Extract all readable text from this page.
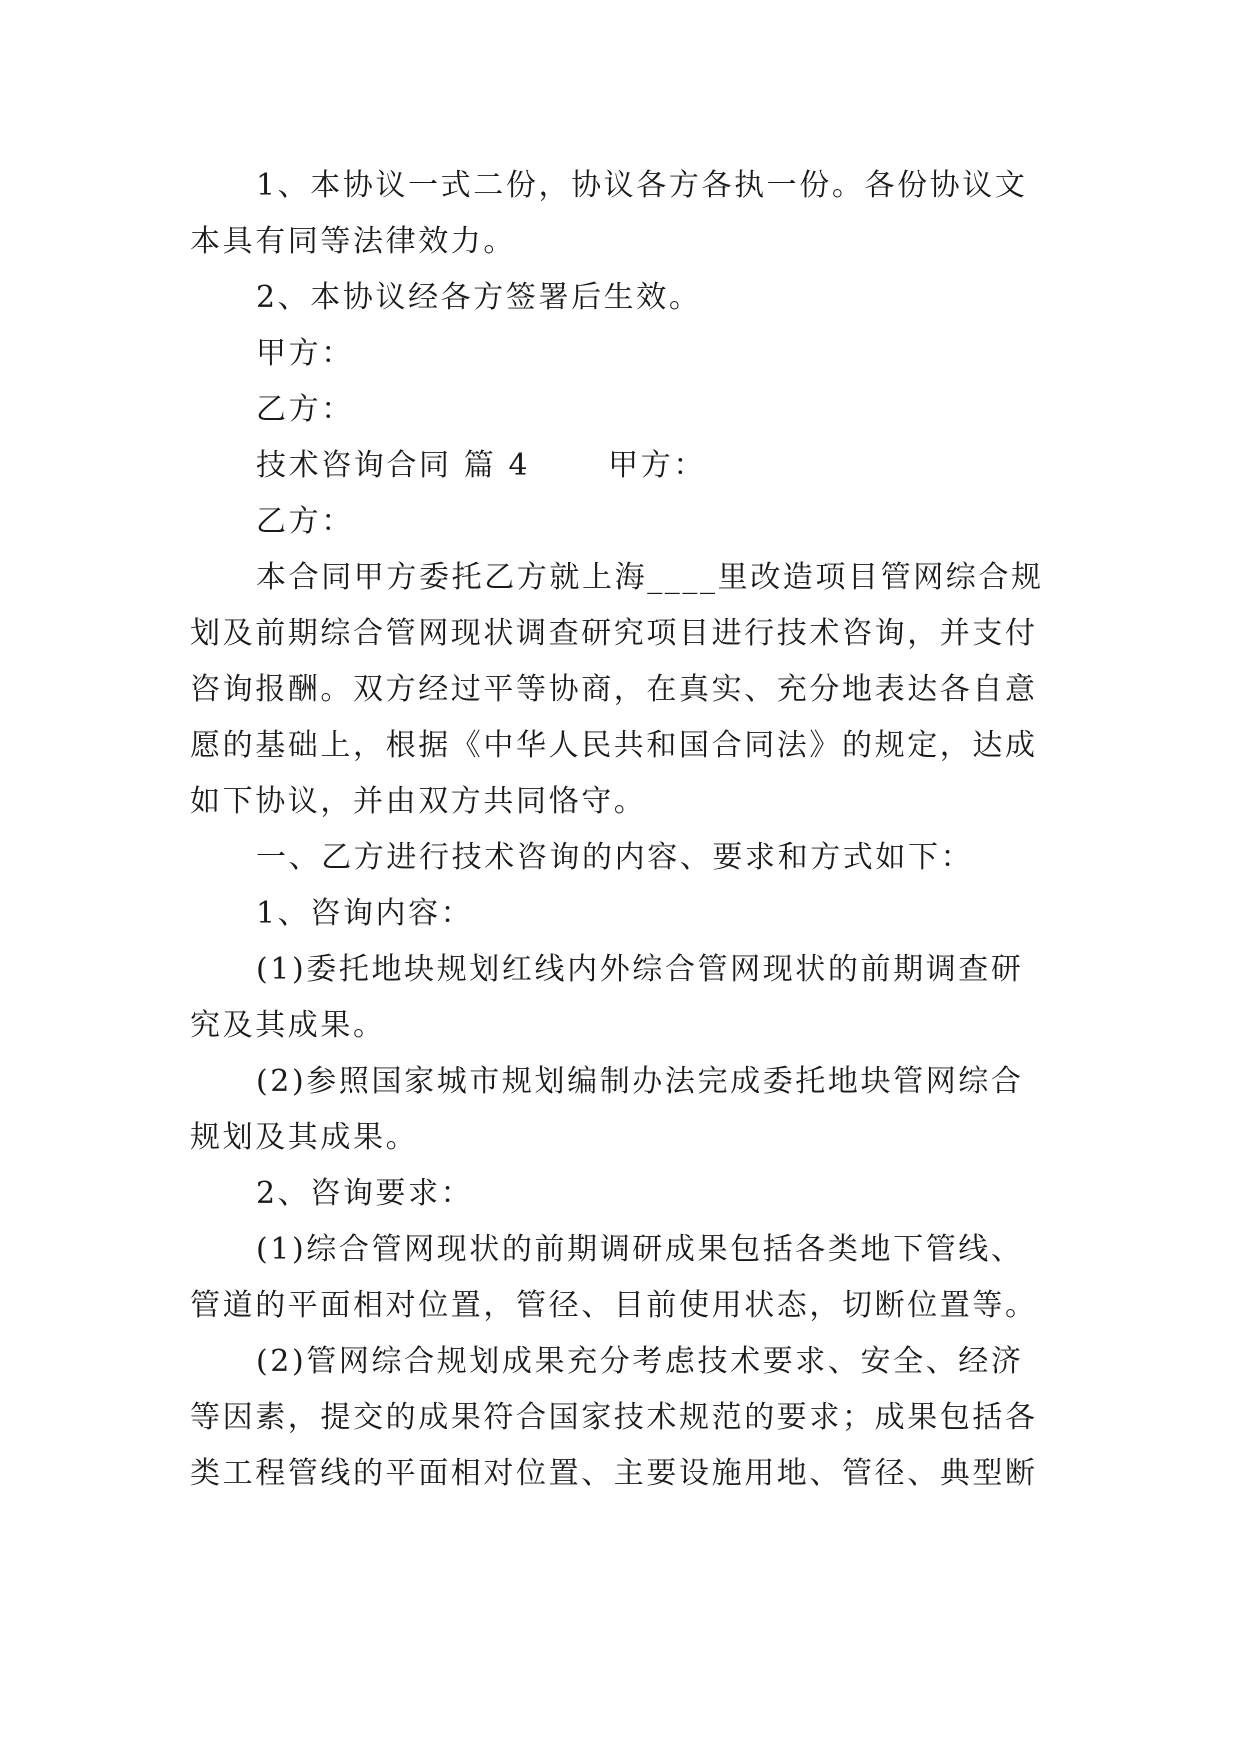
1、本协议一式二份，协议各方各执一份。各份协议文
本具有同等法律效力。
2、本协议经各方签署后生效。
甲方：
乙方：
技术咨询合同 篇 4	甲方：
乙方：
本合同甲方委托乙方就上海____里改造项目管网综合规
划及前期综合管网现状调查研究项目进行技术咨询，并支付
咨询报酬。双方经过平等协商，在真实、充分地表达各自意
愿的基础上，根据《中华人民共和国合同法》的规定，达成
如下协议，并由双方共同恪守。
一、乙方进行技术咨询的内容、要求和方式如下：
1、咨询内容：
(1)委托地块规划红线内外综合管网现状的前期调查研
究及其成果。
(2)参照国家城市规划编制办法完成委托地块管网综合
规划及其成果。
2、咨询要求：
(1)综合管网现状的前期调研成果包括各类地下管线、
管道的平面相对位置，管径、目前使用状态，切断位置等。
(2)管网综合规划成果充分考虑技术要求、安全、经济
等因素，提交的成果符合国家技术规范的要求；成果包括各
类工程管线的平面相对位置、主要设施用地、管径、典型断
